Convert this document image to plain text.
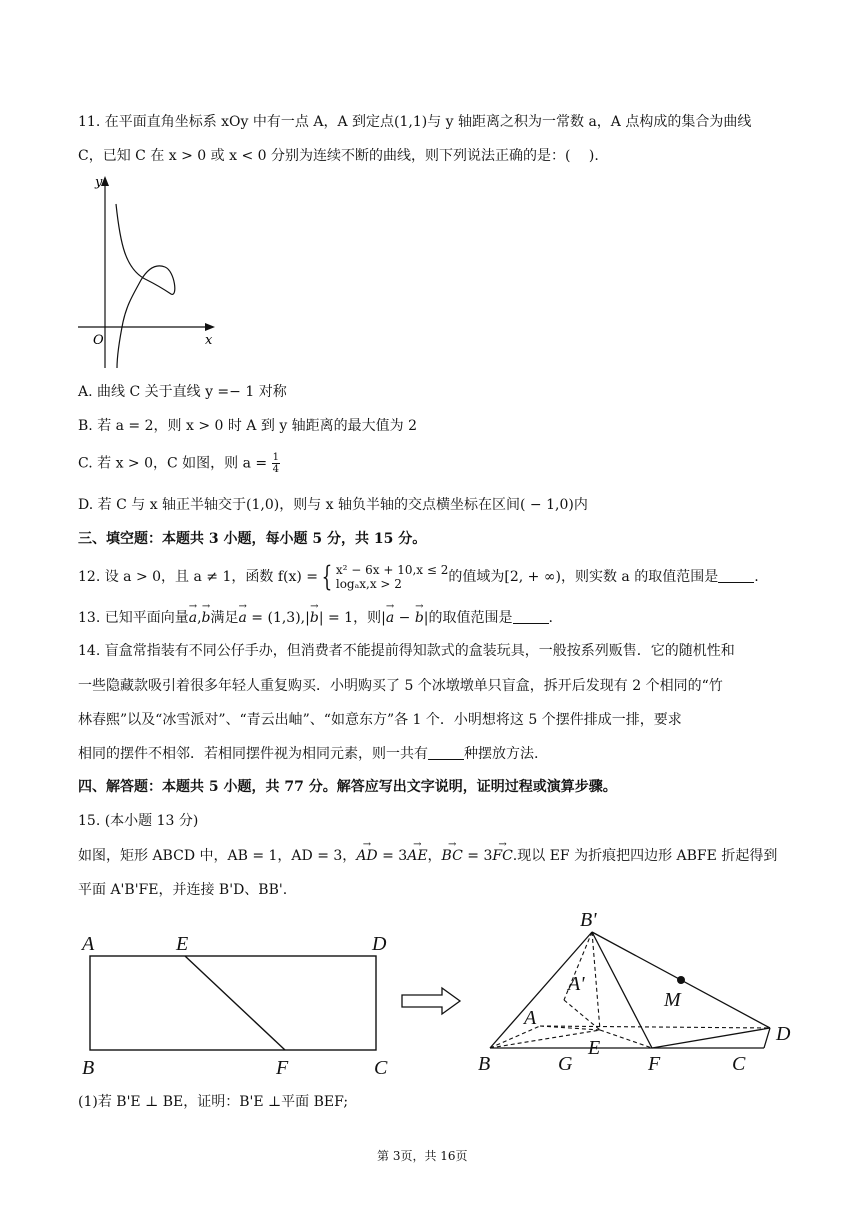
11. 在平面直角坐标系 xOy 中有一点 A，A 到定点(1,1)与 y 轴距离之积为一常数 a，A 点构成的集合为曲线
C，已知 C 在 x > 0 或 x < 0 分别为连续不断的曲线，则下列说法正确的是：(　 ).
y
x
O
A. 曲线 C 关于直线 y =− 1 对称
B. 若 a = 2，则 x > 0 时 A 到 y 轴距离的最大值为 2
C. 若 x > 0，C 如图，则 $a = \frac{1}{4}$
D. 若 C 与 x 轴正半轴交于(1,0)，则与 x 轴负半轴的交点横坐标在区间( − 1,0)内
三、填空题：本题共 3 小题，每小题 5 分，共 15 分。
12. 设 a > 0，且 a ≠ 1，函数 f(x) = { x² − 6x + 10,x ≤ 2
logₐx,x > 2	的值域为[2, + ∞)，则实数 a 的取值范围是	.
13. 已知平面向量→ a,→ b满足→ a = (1,3),|→ b| = 1，则|→ a − → b|的取值范围是	.
14. 盲盒常指装有不同公仔手办，但消费者不能提前得知款式的盒装玩具，一般按系列贩售．它的随机性和
一些隐藏款吸引着很多年轻人重复购买．小明购买了 5 个冰墩墩单只盲盒，拆开后发现有 2 个相同的“竹
林春熙”以及“冰雪派对”、“青云出岫”、“如意东方”各 1 个．小明想将这 5 个摆件排成一排，要求
相同的摆件不相邻．若相同摆件视为相同元素，则一共有	种摆放方法.
四、解答题：本题共 5 小题，共 77 分。解答应写出文字说明，证明过程或演算步骤。
15. (本小题 13 分)
如图，矩形 ABCD 中，AB = 1，AD = 3，→ AD = 3→ AE，→ BC = 3→ FC.现以 EF 为折痕把四边形 ABFE 折起得到
平面 A'B'FE，并连接 B'D、BB'.
A	E	D
B	F	C
B'
A'
M
A
E
D
B	G	F	C
(1)若 B'E ⊥ BE，证明：B'E ⊥平面 BEF;
第 3页，共 16页
